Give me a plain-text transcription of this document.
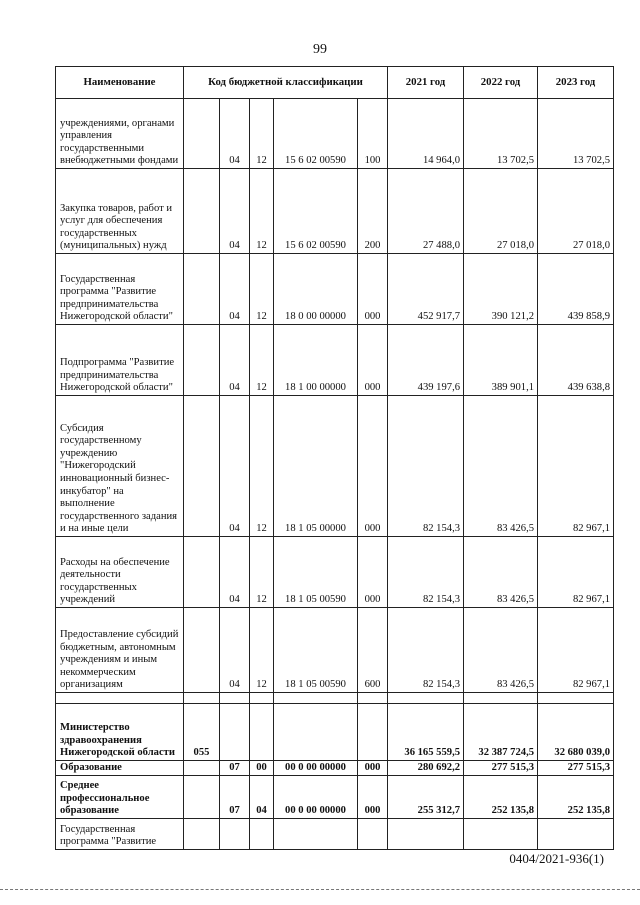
99
Наименование	Код бюджетной классификации					2021 год	2022 год	2023 год
учреждениями, органами управления государственными внебюджетными фондами		04	12	15 6 02 00590	100	14 964,0	13 702,5	13 702,5
Закупка товаров, работ и услуг для обеспечения государственных (муниципальных) нужд		04	12	15 6 02 00590	200	27 488,0	27 018,0	27 018,0
Государственная программа "Развитие предпринимательства Нижегородской области"		04	12	18 0 00 00000	000	452 917,7	390 121,2	439 858,9
Подпрограмма "Развитие предпринимательства Нижегородской области"		04	12	18 1 00 00000	000	439 197,6	389 901,1	439 638,8
Субсидия государственному учреждению "Нижегородский инновационный бизнес-инкубатор" на выполнение государственного задания и на иные цели		04	12	18 1 05 00000	000	82 154,3	83 426,5	82 967,1
Расходы на обеспечение деятельности государственных учреждений		04	12	18 1 05 00590	000	82 154,3	83 426,5	82 967,1
Предоставление субсидий бюджетным, автономным учреждениям и иным некоммерческим организациям		04	12	18 1 05 00590	600	82 154,3	83 426,5	82 967,1

Министерство здравоохранения Нижегородской области	055					36 165 559,5	32 387 724,5	32 680 039,0
Образование		07	00	00 0 00 00000	000	280 692,2	277 515,3	277 515,3
Среднее профессиональное образование		07	04	00 0 00 00000	000	255 312,7	252 135,8	252 135,8
Государственная программа "Развитие								
0404/2021-936(1)
